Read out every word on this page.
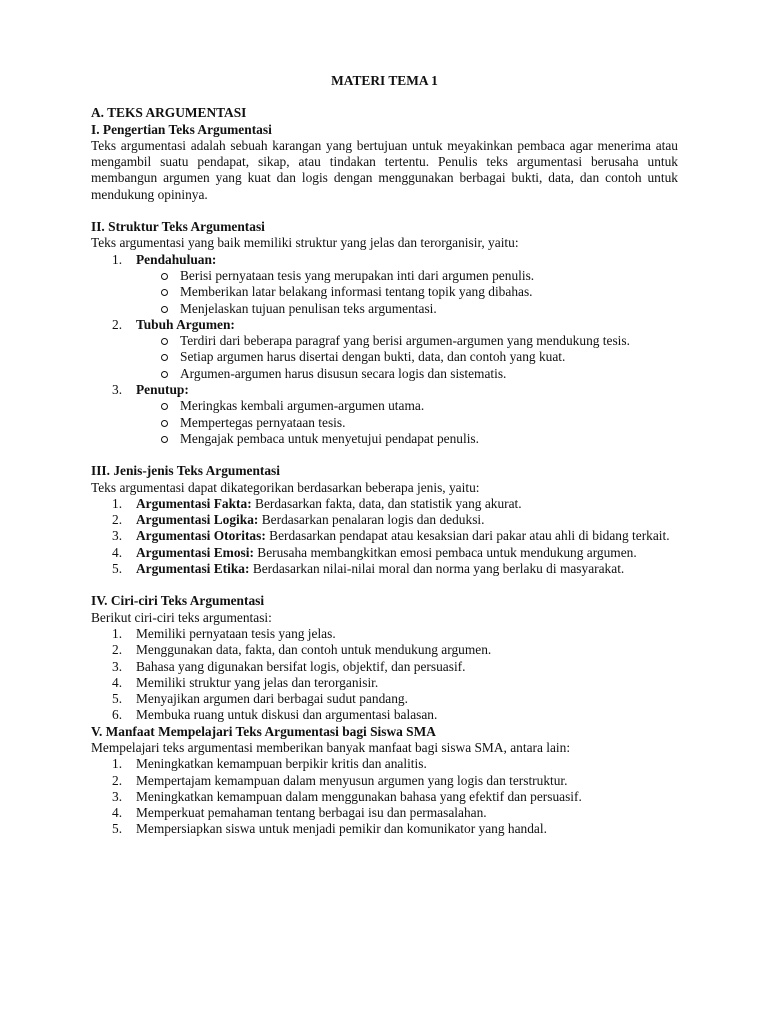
MATERI TEMA 1
A. TEKS ARGUMENTASI
I. Pengertian Teks Argumentasi

Teks argumentasi adalah sebuah karangan yang bertujuan untuk meyakinkan pembaca agar menerima atau mengambil suatu pendapat, sikap, atau tindakan tertentu. Penulis teks argumentasi berusaha untuk membangun argumen yang kuat dan logis dengan menggunakan berbagai bukti, data, dan contoh untuk mendukung opininya.

II. Struktur Teks Argumentasi

Teks argumentasi yang baik memiliki struktur yang jelas dan terorganisir, yaitu:

1. Pendahuluan:
Berisi pernyataan tesis yang merupakan inti dari argumen penulis.
Memberikan latar belakang informasi tentang topik yang dibahas.
Menjelaskan tujuan penulisan teks argumentasi.
2. Tubuh Argumen:
Terdiri dari beberapa paragraf yang berisi argumen-argumen yang mendukung tesis.
Setiap argumen harus disertai dengan bukti, data, dan contoh yang kuat.
Argumen-argumen harus disusun secara logis dan sistematis.
3. Penutup:
Meringkas kembali argumen-argumen utama.
Mempertegas pernyataan tesis.
Mengajak pembaca untuk menyetujui pendapat penulis.
III. Jenis-jenis Teks Argumentasi

Teks argumentasi dapat dikategorikan berdasarkan beberapa jenis, yaitu:

1. Argumentasi Fakta: Berdasarkan fakta, data, dan statistik yang akurat.
2. Argumentasi Logika: Berdasarkan penalaran logis dan deduksi.
3. Argumentasi Otoritas: Berdasarkan pendapat atau kesaksian dari pakar atau ahli di bidang terkait.
4. Argumentasi Emosi: Berusaha membangkitkan emosi pembaca untuk mendukung argumen.
5. Argumentasi Etika: Berdasarkan nilai-nilai moral dan norma yang berlaku di masyarakat.
IV. Ciri-ciri Teks Argumentasi

Berikut ciri-ciri teks argumentasi:

1. Memiliki pernyataan tesis yang jelas.
2. Menggunakan data, fakta, dan contoh untuk mendukung argumen.
3. Bahasa yang digunakan bersifat logis, objektif, dan persuasif.
4. Memiliki struktur yang jelas dan terorganisir.
5. Menyajikan argumen dari berbagai sudut pandang.
6. Membuka ruang untuk diskusi dan argumentasi balasan.
V. Manfaat Mempelajari Teks Argumentasi bagi Siswa SMA

Mempelajari teks argumentasi memberikan banyak manfaat bagi siswa SMA, antara lain:

1. Meningkatkan kemampuan berpikir kritis dan analitis.
2. Mempertajam kemampuan dalam menyusun argumen yang logis dan terstruktur.
3. Meningkatkan kemampuan dalam menggunakan bahasa yang efektif dan persuasif.
4. Memperkuat pemahaman tentang berbagai isu dan permasalahan.
5. Mempersiapkan siswa untuk menjadi pemikir dan komunikator yang handal.
